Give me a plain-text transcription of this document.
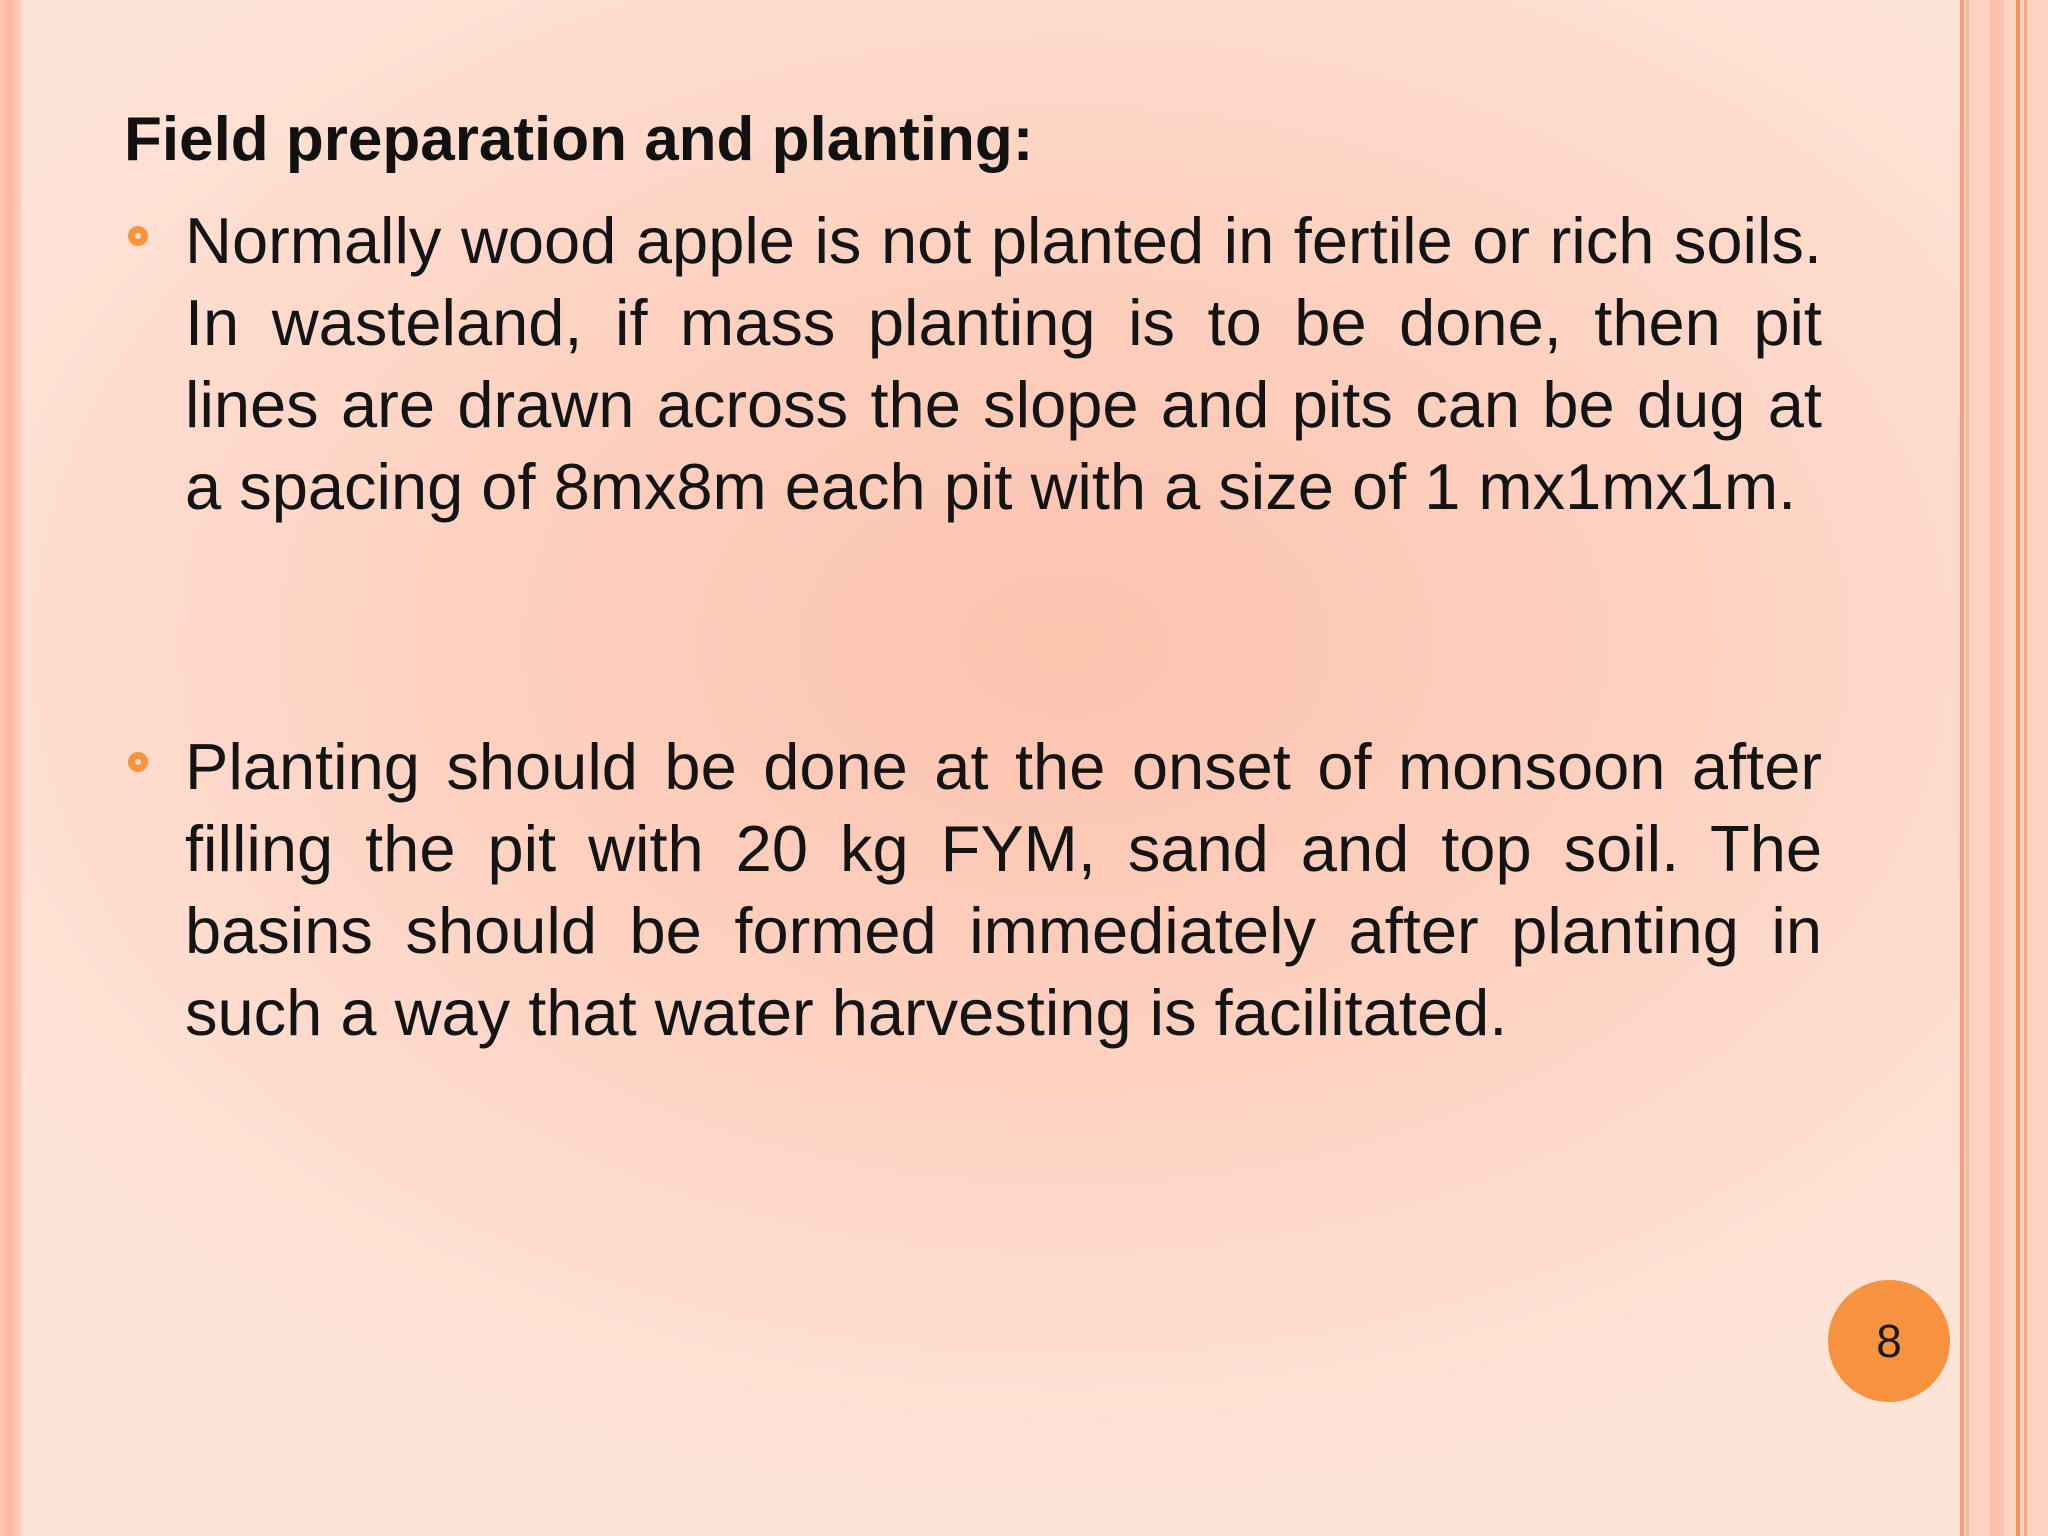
Field preparation and planting:
Normally wood apple is not planted in fertile or rich soils. In wasteland, if mass planting is to be done, then pit lines are drawn across the slope and pits can be dug at a spacing of 8mx8m each pit with a size of 1 mx1mx1m.
Planting should be done at the onset of monsoon after filling the pit with 20 kg FYM, sand and top soil. The basins should be formed immediately after planting in such a way that water harvesting is facilitated.
8
